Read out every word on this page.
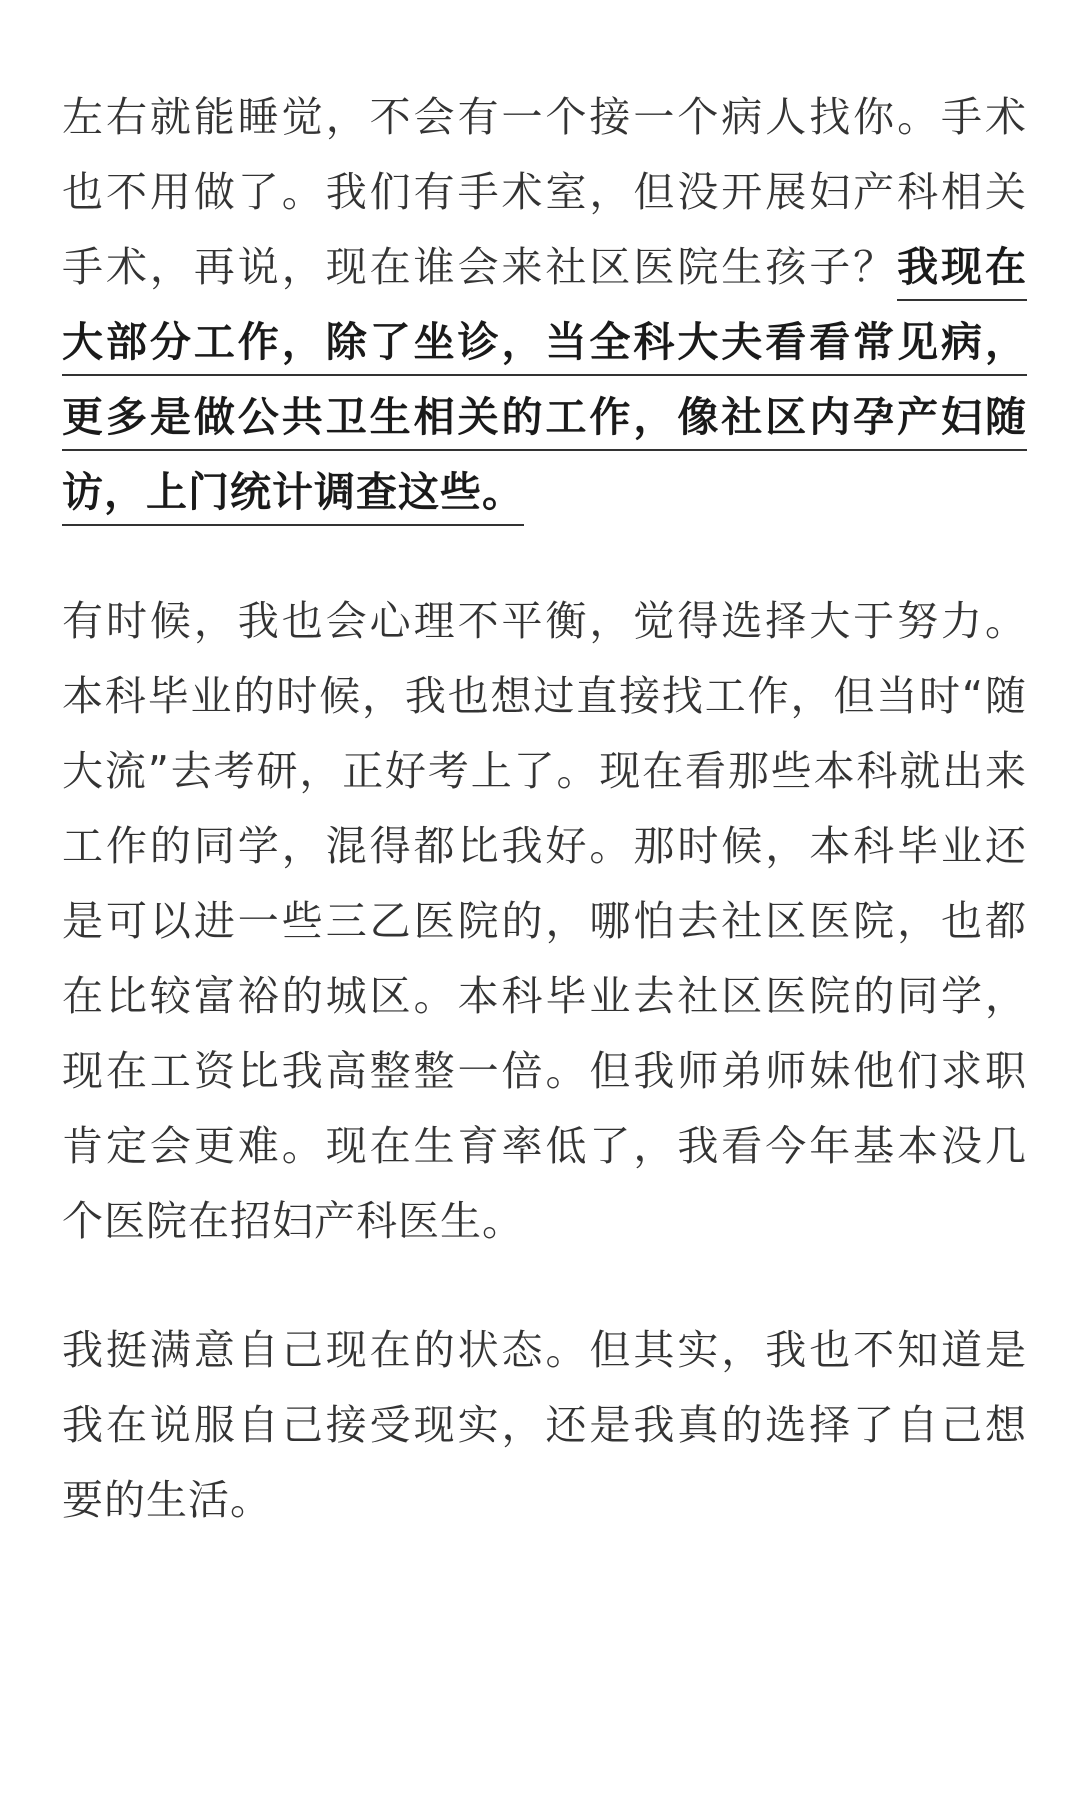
左右就能睡觉，不会有一个接一个病人找你。手术也不用做了。我们有手术室，但没开展妇产科相关手术，再说，现在谁会来社区医院生孩子？我现在大部分工作，除了坐诊，当全科大夫看看常见病，更多是做公共卫生相关的工作，像社区内孕产妇随访，上门统计调查这些。

有时候，我也会心理不平衡，觉得选择大于努力。本科毕业的时候，我也想过直接找工作，但当时“随大流”去考研，正好考上了。现在看那些本科就出来工作的同学，混得都比我好。那时候，本科毕业还是可以进一些三乙医院的，哪怕去社区医院，也都在比较富裕的城区。本科毕业去社区医院的同学，现在工资比我高整整一倍。但我师弟师妹他们求职肯定会更难。现在生育率低了，我看今年基本没几个医院在招妇产科医生。

我挺满意自己现在的状态。但其实，我也不知道是我在说服自己接受现实，还是我真的选择了自己想要的生活。
